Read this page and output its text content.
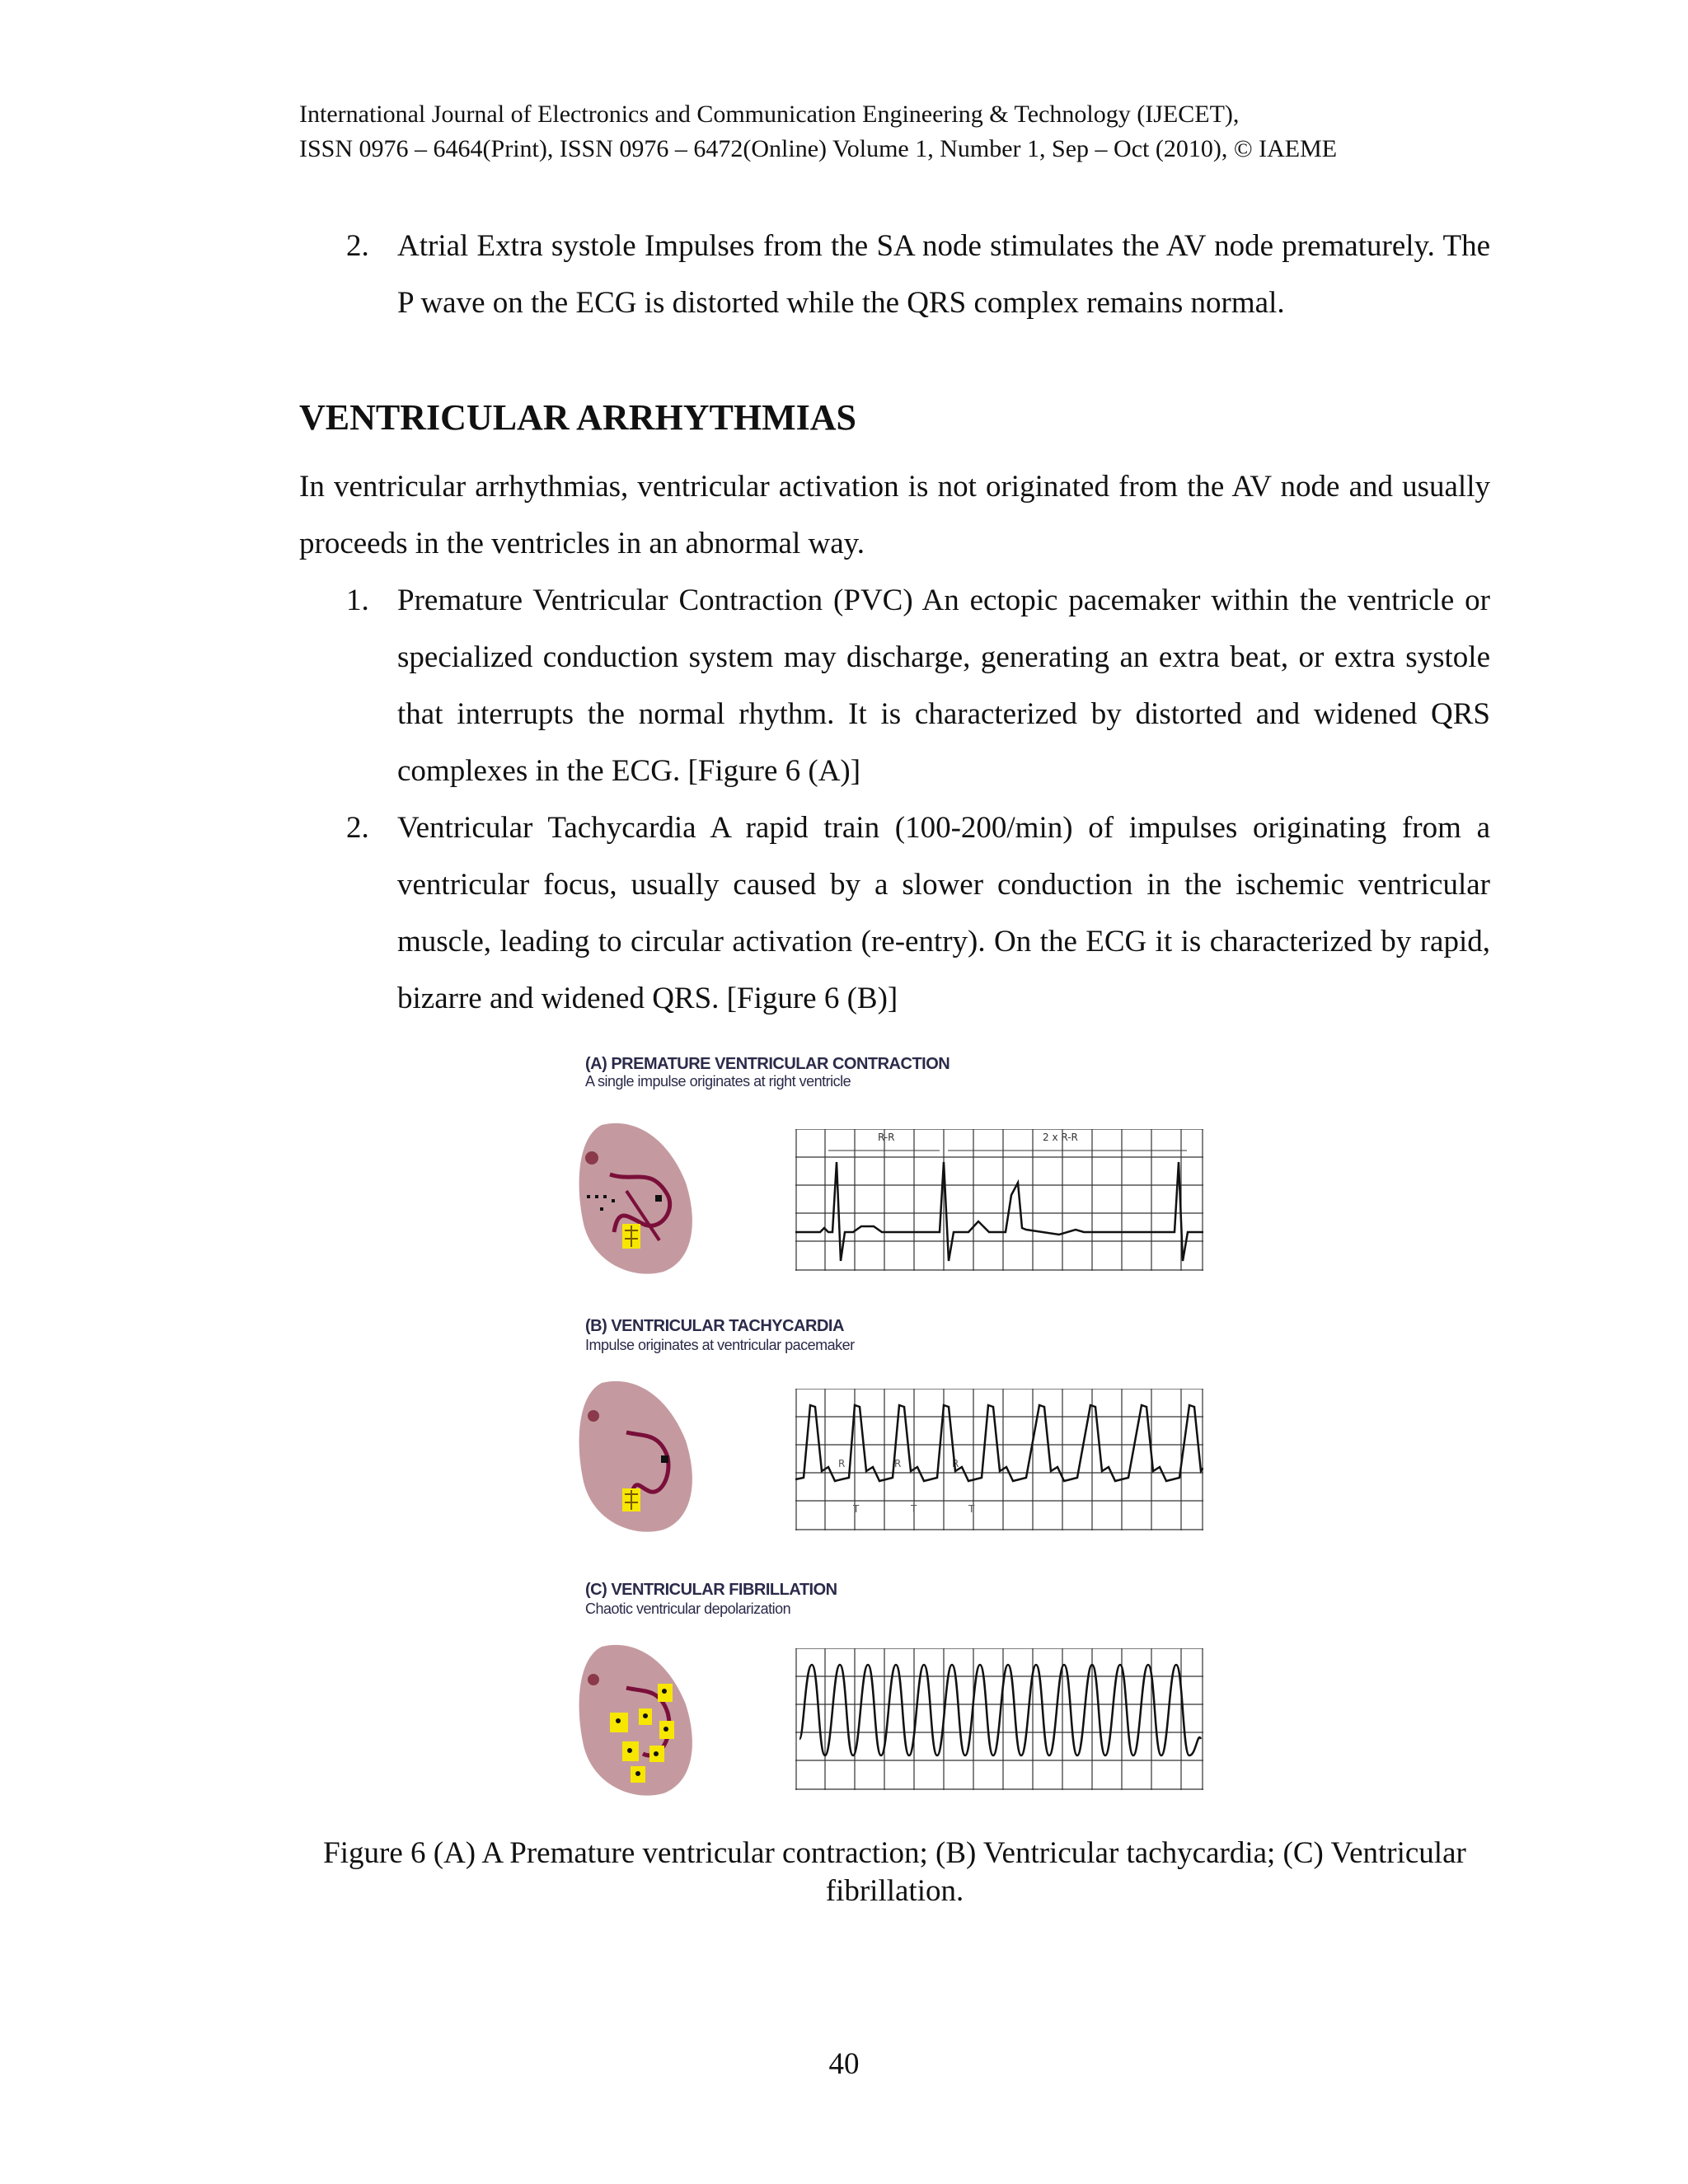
International Journal of Electronics and Communication Engineering & Technology (IJECET),
ISSN 0976 – 6464(Print), ISSN 0976 – 6472(Online) Volume 1, Number 1, Sep – Oct (2010), © IAEME
2. Atrial Extra systole Impulses from the SA node stimulates the AV node prematurely. The P wave on the ECG is distorted while the QRS complex remains normal.
VENTRICULAR ARRHYTHMIAS
In ventricular arrhythmias, ventricular activation is not originated from the AV node and usually proceeds in the ventricles in an abnormal way.
1. Premature Ventricular Contraction (PVC) An ectopic pacemaker within the ventricle or specialized conduction system may discharge, generating an extra beat, or extra systole that interrupts the normal rhythm. It is characterized by distorted and widened QRS complexes in the ECG. [Figure 6 (A)]
2. Ventricular Tachycardia A rapid train (100-200/min) of impulses originating from a ventricular focus, usually caused by a slower conduction in the ischemic ventricular muscle, leading to circular activation (re-entry). On the ECG it is characterized by rapid, bizarre and widened QRS. [Figure 6 (B)]
(A) PREMATURE VENTRICULAR CONTRACTION
A single impulse originates at right ventricle
R-R	2 x R-R
(B) VENTRICULAR TACHYCARDIA
Impulse originates at ventricular pacemaker
R	R	R
T	T	T
(C) VENTRICULAR FIBRILLATION
Chaotic ventricular depolarization
Figure 6 (A) A Premature ventricular contraction; (B) Ventricular tachycardia; (C) Ventricular fibrillation.
40
